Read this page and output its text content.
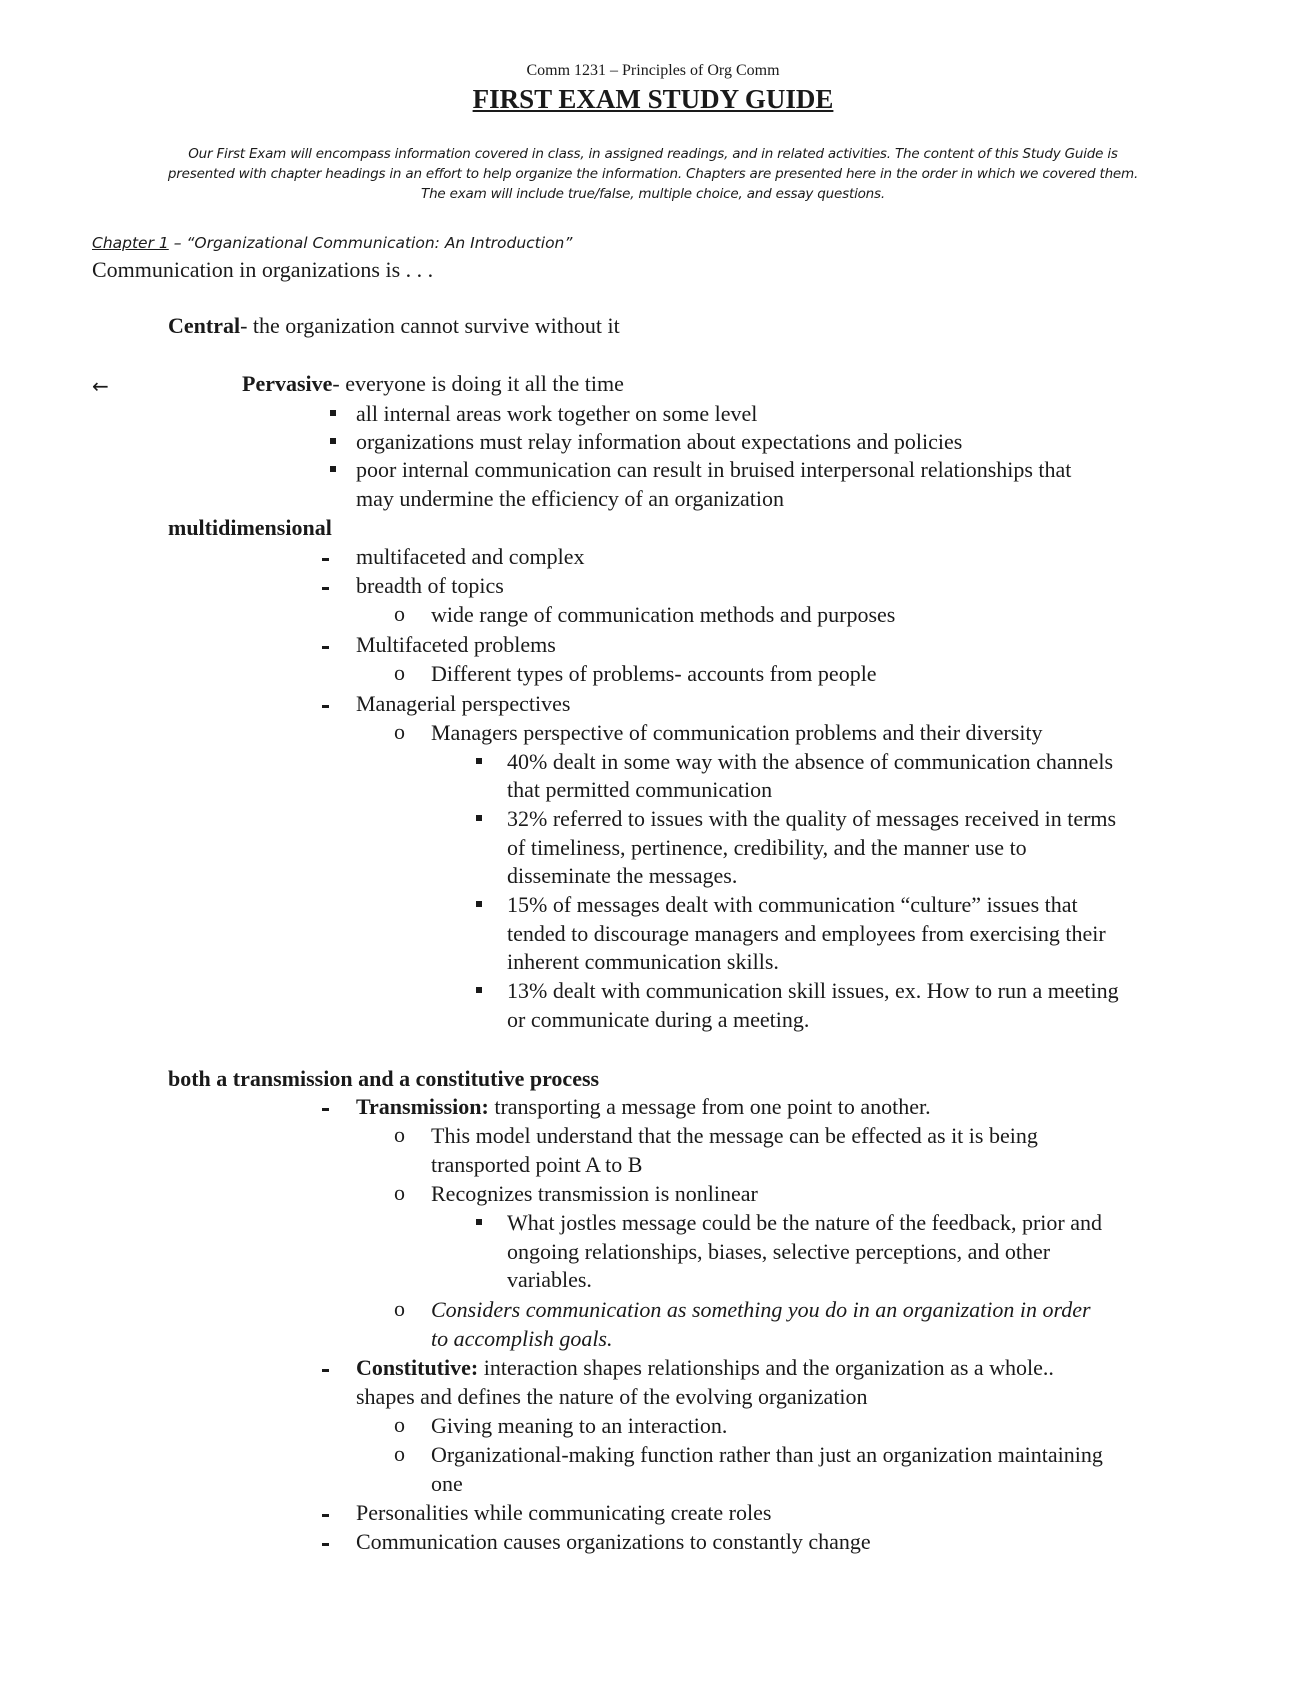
Comm 1231 – Principles of Org Comm
FIRST EXAM STUDY GUIDE
Our First Exam will encompass information covered in class, in assigned readings, and in related activities. The content of this Study Guide is
presented with chapter headings in an effort to help organize the information. Chapters are presented here in the order in which we covered them.
The exam will include true/false, multiple choice, and essay questions.
Chapter 1 – “Organizational Communication: An Introduction”
Communication in organizations is . . .
Central- the organization cannot survive without it
←	Pervasive- everyone is doing it all the time
all internal areas work together on some level
organizations must relay information about expectations and policies
poor internal communication can result in bruised interpersonal relationships that
may undermine the efficiency of an organization
multidimensional
multifaceted and complex
breadth of topics
o wide range of communication methods and purposes
Multifaceted problems
o Different types of problems- accounts from people
Managerial perspectives
o Managers perspective of communication problems and their diversity
40% dealt in some way with the absence of communication channels
that permitted communication
32% referred to issues with the quality of messages received in terms
of timeliness, pertinence, credibility, and the manner use to
disseminate the messages.
15% of messages dealt with communication “culture” issues that
tended to discourage managers and employees from exercising their
inherent communication skills.
13% dealt with communication skill issues, ex. How to run a meeting
or communicate during a meeting.
both a transmission and a constitutive process
Transmission: transporting a message from one point to another.
o This model understand that the message can be effected as it is being
transported point A to B
o Recognizes transmission is nonlinear
What jostles message could be the nature of the feedback, prior and
ongoing relationships, biases, selective perceptions, and other
variables.
o Considers communication as something you do in an organization in order
to accomplish goals.
Constitutive: interaction shapes relationships and the organization as a whole..
shapes and defines the nature of the evolving organization
o Giving meaning to an interaction.
o Organizational-making function rather than just an organization maintaining
one
Personalities while communicating create roles
Communication causes organizations to constantly change
